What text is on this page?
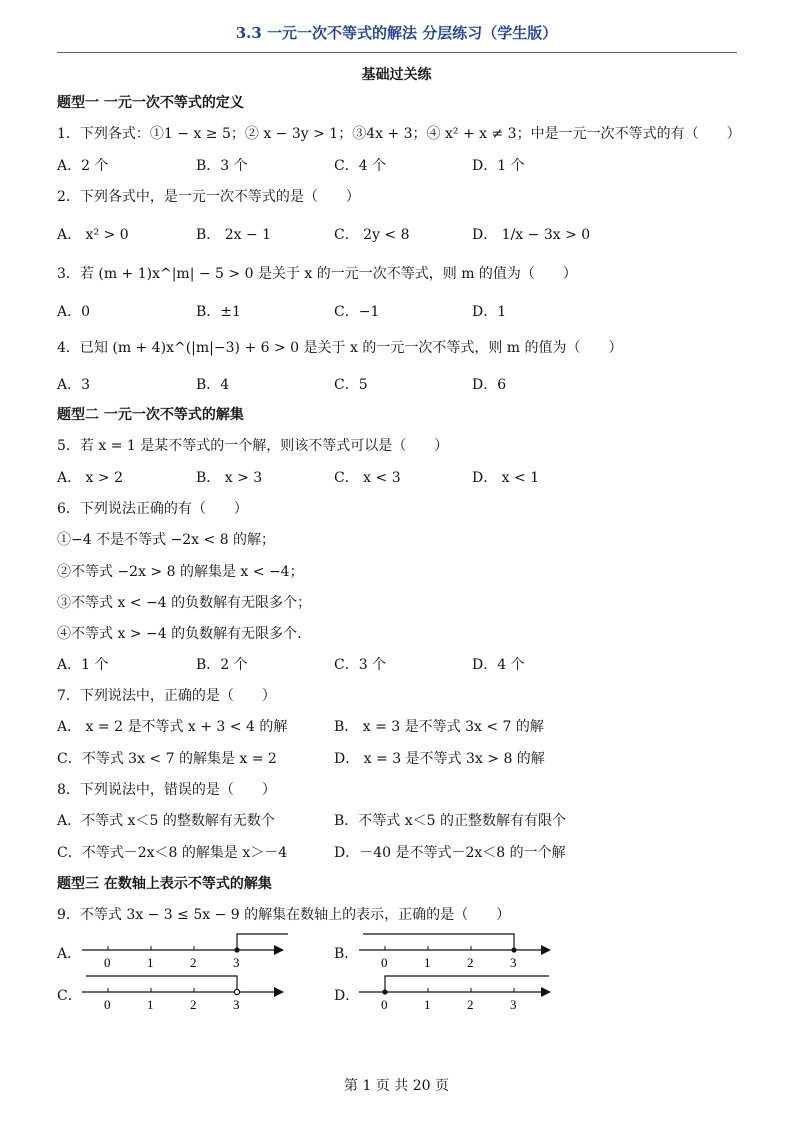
3.3 一元一次不等式的解法 分层练习（学生版）
基础过关练
题型一 一元一次不等式的定义
1．下列各式：①1 − x ≥ 5；② x − 3y > 1；③4x + 3；④ x² + x ≠ 3；中是一元一次不等式的有（　　）
A．2 个	B．3 个	C．4 个	D．1 个
2．下列各式中，是一元一次不等式的是（　　）
A． x² > 0	B． 2x − 1	C． 2y < 8	D． 1/x − 3x > 0
3．若 (m + 1)x^|m| − 5 > 0 是关于 x 的一元一次不等式，则 m 的值为（　　）
A．0	B．±1	C．−1	D．1
4．已知 (m + 4)x^(|m|−3) + 6 > 0 是关于 x 的一元一次不等式，则 m 的值为（　　）
A．3	B．4	C．5	D．6
题型二 一元一次不等式的解集
5．若 x = 1 是某不等式的一个解，则该不等式可以是（　　）
A． x > 2	B． x > 3	C． x < 3	D． x < 1
6．下列说法正确的有（　　）
①−4 不是不等式 −2x < 8 的解；
②不等式 −2x > 8 的解集是 x < −4；
③不等式 x < −4 的负数解有无限多个；
④不等式 x > −4 的负数解有无限多个.
A．1 个	B．2 个	C．3 个	D．4 个
7．下列说法中，正确的是（　　）
A． x = 2 是不等式 x + 3 < 4 的解	B． x = 3 是不等式 3x < 7 的解
C．不等式 3x < 7 的解集是 x = 2	D． x = 3 是不等式 3x > 8 的解
8．下列说法中，错误的是（　　）
A．不等式 x＜5 的整数解有无数个	B．不等式 x＜5 的正整数解有有限个
C．不等式－2x＜8 的解集是 x＞－4	D．－40 是不等式－2x＜8 的一个解
题型三 在数轴上表示不等式的解集
9．不等式 3x − 3 ≤ 5x − 9 的解集在数轴上的表示，正确的是（　　）
A．	B．
C．	D．
0	1	2	3	0	1	2	3
0	1	2	3	0	1	2	3
第 1 页 共 20 页
